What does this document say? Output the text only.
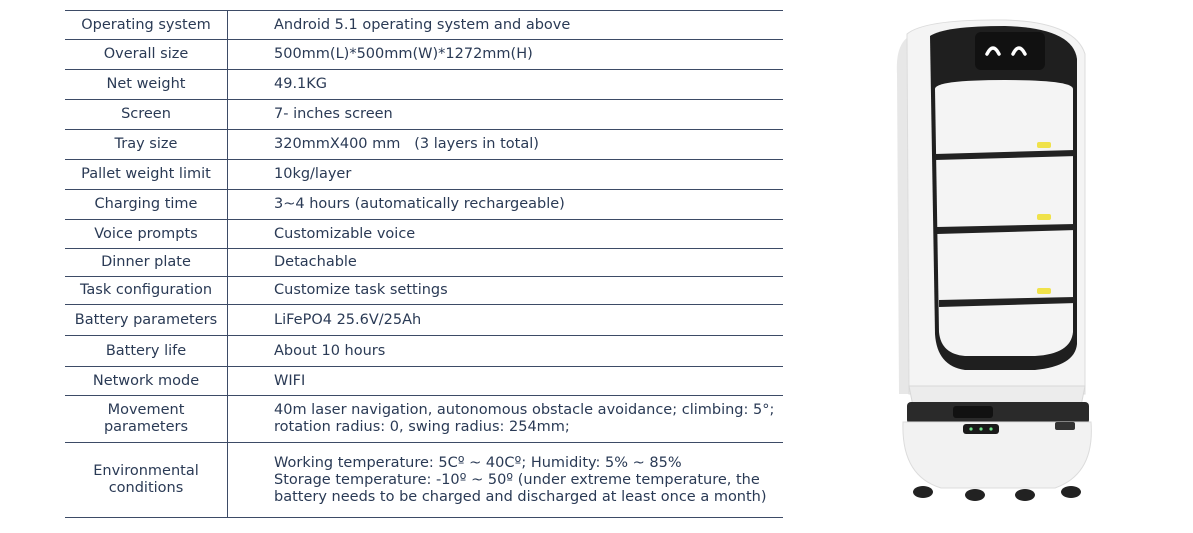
Operating system	Android 5.1 operating system and above

Overall size	500mm(L)*500mm(W)*1272mm(H)

Net weight	49.1KG

Screen	7- inches screen

Tray size	320mmX400 mm   (3 layers in total)

Pallet weight limit	10kg/layer

Charging time	3~4 hours (automatically rechargeable)

Voice prompts	Customizable voice

Dinner plate	Detachable

Task configuration	Customize task settings

Battery parameters	LiFePO4 25.6V/25Ah

Battery life	About 10 hours

Network mode	WIFI

Movement parameters	40m laser navigation, autonomous obstacle avoidance; climbing: 5°;
rotation radius: 0, swing radius: 254mm;

Environmental conditions	Working temperature: 5Cº ~ 40Cº; Humidity: 5% ~ 85%
Storage temperature: -10º ~ 50º (under extreme temperature, the
battery needs to be charged and discharged at least once a month)
